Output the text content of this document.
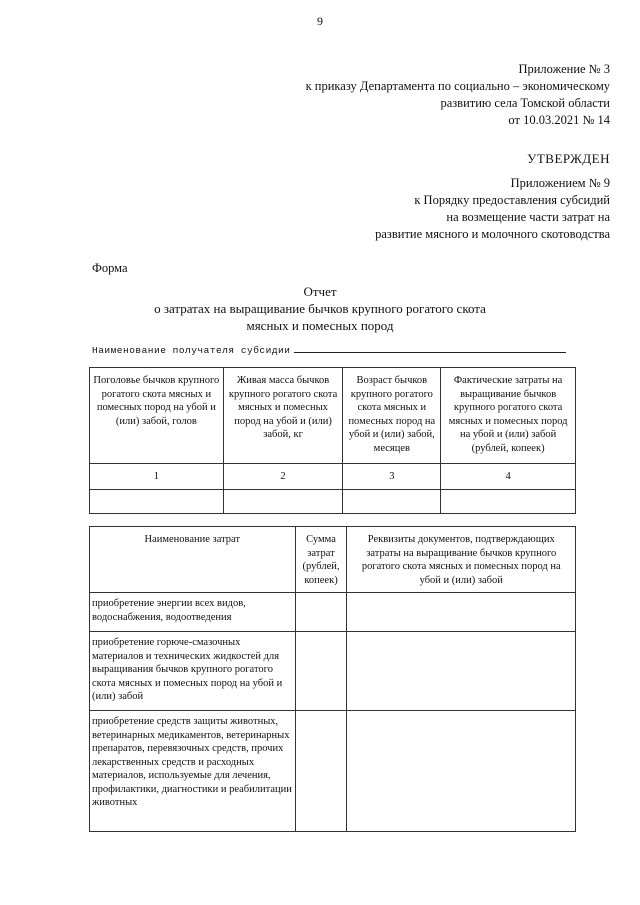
9
Приложение № 3
к приказу Департамента по социально – экономическому
развитию села Томской области
от 10.03.2021 № 14
УТВЕРЖДЕН
Приложением № 9
к Порядку предоставления субсидий
на возмещение части затрат на
развитие мясного и молочного скотоводства
Форма
Отчет
о затратах на выращивание бычков крупного рогатого скота
мясных и помесных пород
Наименование получателя субсидии
Поголовье бычков крупного рогатого скота мясных и помесных пород на убой и (или) забой, голов	Живая масса бычков крупного рогатого скота мясных и помесных пород на убой и (или) забой, кг	Возраст бычков крупного рогатого скота мясных и помесных пород на убой и (или) забой, месяцев	Фактические затраты на выращивание бычков крупного рогатого скота мясных и помесных пород на убой и (или) забой (рублей, копеек)
1	2	3	4

Наименование затрат	Сумма затрат (рублей, копеек)	Реквизиты документов, подтверждающих затраты на выращивание бычков крупного рогатого скота мясных и помесных пород на убой и (или) забой
приобретение энергии всех видов, водоснабжения, водоотведения		
приобретение горюче-смазочных материалов и технических жидкостей для выращивания бычков крупного рогатого скота мясных и помесных пород на убой и (или) забой		
приобретение средств защиты животных, ветеринарных медикаментов, ветеринарных препаратов, перевязочных средств, прочих лекарственных средств и расходных материалов, используемые для лечения, профилактики, диагностики и реабилитации животных		
